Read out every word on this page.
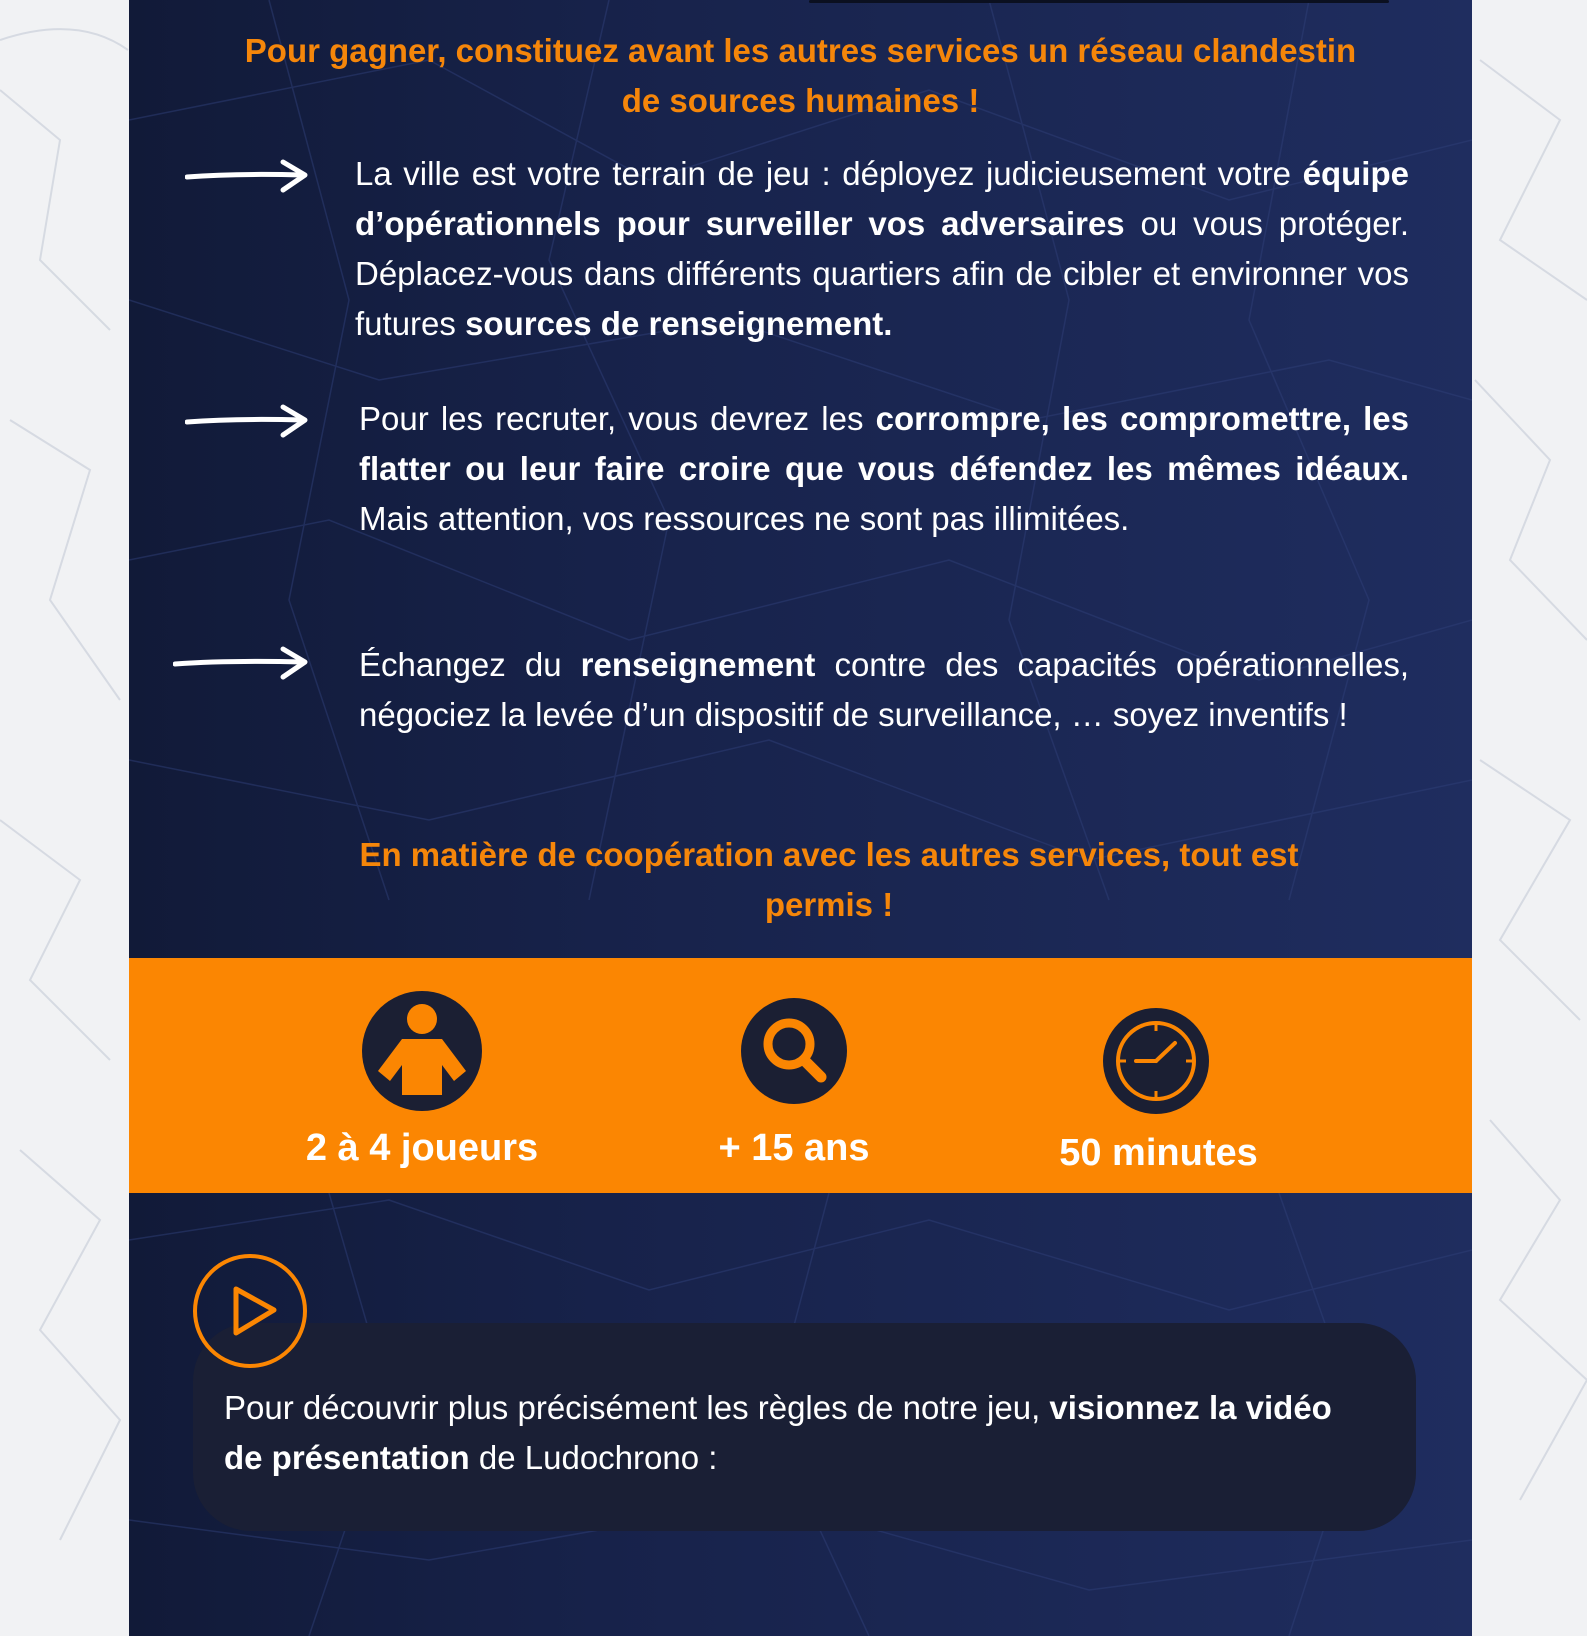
Pour gagner, constituez avant les autres services un réseau clandestin de sources humaines !

La ville est votre terrain de jeu : déployez judicieusement votre équipe d’opérationnels pour surveiller vos adversaires ou vous protéger. Déplacez-vous dans différents quartiers afin de cibler et environner vos futures sources de renseignement.

Pour les recruter, vous devrez les corrompre, les compromettre, les flatter ou leur faire croire que vous défendez les mêmes idéaux. Mais attention, vos ressources ne sont pas illimitées.

Échangez du renseignement contre des capacités opérationnelles, négociez la levée d’un dispositif de surveillance, … soyez inventifs !

En matière de coopération avec les autres services, tout est permis !

2 à 4 joueurs	+ 15 ans	50 minutes

Pour découvrir plus précisément les règles de notre jeu, visionnez la vidéo de présentation de Ludochrono :
